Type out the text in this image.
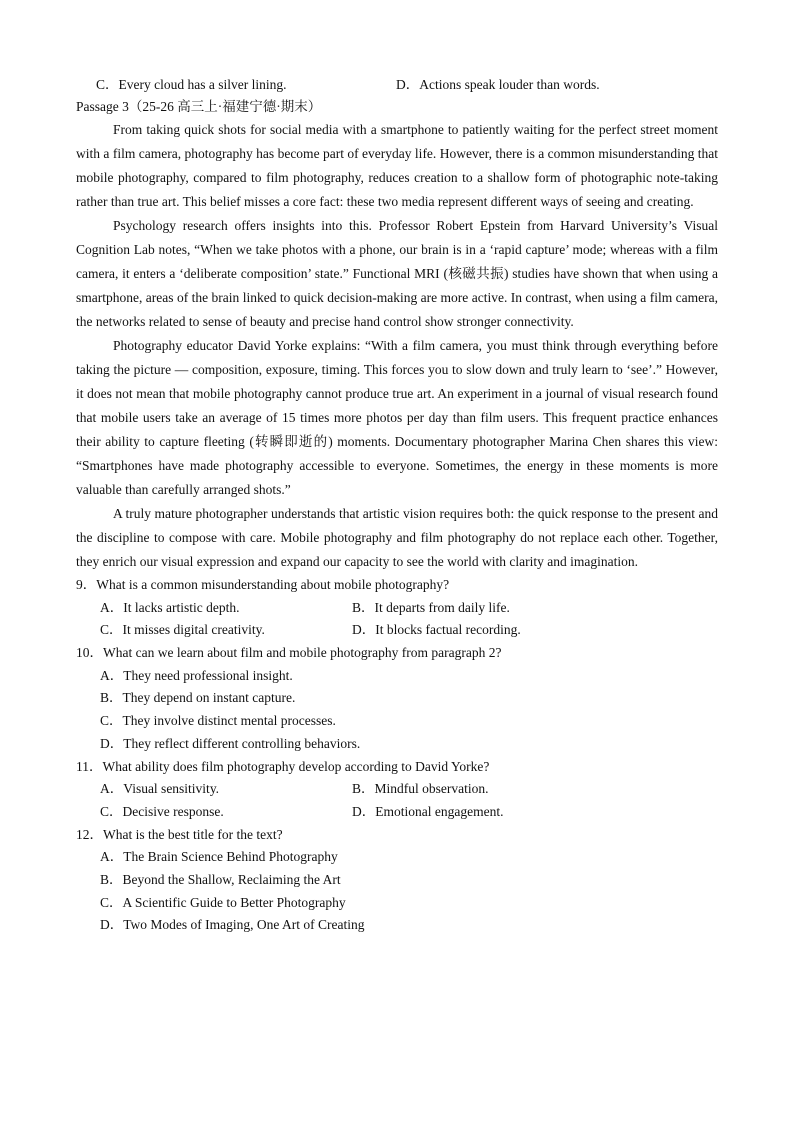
C．Every cloud has a silver lining.	D．Actions speak louder than words.
Passage 3（25-26 高三上·福建宁德·期末）

From taking quick shots for social media with a smartphone to patiently waiting for the perfect street moment with a film camera, photography has become part of everyday life. However, there is a common misunderstanding that mobile photography, compared to film photography, reduces creation to a shallow form of photographic note-taking rather than true art. This belief misses a core fact: these two media represent different ways of seeing and creating.

Psychology research offers insights into this. Professor Robert Epstein from Harvard University’s Visual Cognition Lab notes, “When we take photos with a phone, our brain is in a ‘rapid capture’ mode; whereas with a film camera, it enters a ‘deliberate composition’ state.” Functional MRI (核磁共振) studies have shown that when using a smartphone, areas of the brain linked to quick decision-making are more active. In contrast, when using a film camera, the networks related to sense of beauty and precise hand control show stronger connectivity.

Photography educator David Yorke explains: “With a film camera, you must think through everything before taking the picture — composition, exposure, timing. This forces you to slow down and truly learn to ‘see’.” However, it does not mean that mobile photography cannot produce true art. An experiment in a journal of visual research found that mobile users take an average of 15 times more photos per day than film users. This frequent practice enhances their ability to capture fleeting (转瞬即逝的) moments. Documentary photographer Marina Chen shares this view: “Smartphones have made photography accessible to everyone. Sometimes, the energy in these moments is more valuable than carefully arranged shots.”

A truly mature photographer understands that artistic vision requires both: the quick response to the present and the discipline to compose with care. Mobile photography and film photography do not replace each other. Together, they enrich our visual expression and expand our capacity to see the world with clarity and imagination.

9．What is a common misunderstanding about mobile photography?
A．It lacks artistic depth.	B．It departs from daily life.
C．It misses digital creativity.	D．It blocks factual recording.
10．What can we learn about film and mobile photography from paragraph 2?
A．They need professional insight.
B．They depend on instant capture.
C．They involve distinct mental processes.
D．They reflect different controlling behaviors.
11．What ability does film photography develop according to David Yorke?
A．Visual sensitivity.	B．Mindful observation.
C．Decisive response.	D．Emotional engagement.
12．What is the best title for the text?
A．The Brain Science Behind Photography
B．Beyond the Shallow, Reclaiming the Art
C．A Scientific Guide to Better Photography
D．Two Modes of Imaging, One Art of Creating
